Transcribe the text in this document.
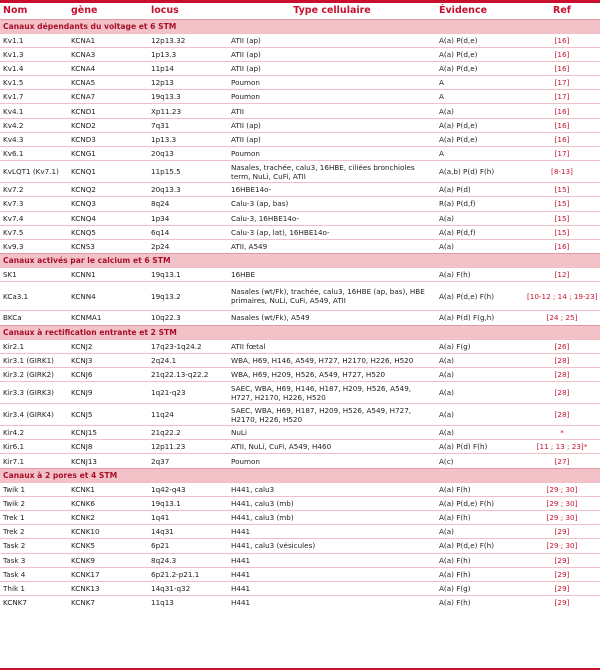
Nom	gène	locus	Type cellulaire	Évidence	Ref
Canaux dépendants du voltage et 6 STM					
Kv1.1	KCNA1	12p13.32	ATII (ap)	A(a) P(d,e)	[16]
Kv1.3	KCNA3	1p13.3	ATII (ap)	A(a) P(d,e)	[16]
Kv1.4	KCNA4	11p14	ATII (ap)	A(a) P(d,e)	[16]
Kv1.5	KCNA5	12p13	Poumon	A	[17]
Kv1.7	KCNA7	19q13.3	Poumon	A	[17]
Kv4.1	KCND1	Xp11.23	ATII	A(a)	[16]
Kv4.2	KCND2	7q31	ATII (ap)	A(a) P(d,e)	[16]
Kv4.3	KCND3	1p13.3	ATII (ap)	A(a) P(d,e)	[16]
Kv6.1	KCNG1	20q13	Poumon	A	[17]
KvLQT1 (Kv7.1)	KCNQ1	11p15.5	Nasales, trachée, calu3, 16HBE, ciliées bronchioles term, NuLi, CuFi, ATII	A(a,b) P(d) F(h)	[8-13]
Kv7.2	KCNQ2	20q13.3	16HBE14o-	A(a) P(d)	[15]
Kv7.3	KCNQ3	8q24	Calu-3 (ap, bas)	R(a) P(d,f)	[15]
Kv7.4	KCNQ4	1p34	Calu-3, 16HBE14o-	A(a)	[15]
Kv7.5	KCNQ5	6q14	Calu-3 (ap, lat), 16HBE14o-	A(a) P(d,f)	[15]
Kv9.3	KCNS3	2p24	ATII, A549	A(a)	[16]
Canaux activés par le calcium et 6 STM					
SK1	KCNN1	19q13.1	16HBE	A(a) F(h)	[12]
KCa3.1	KCNN4	19q13.2	Nasales (wt/Fk), trachée, calu3, 16HBE (ap, bas), HBE primaires, NuLi, CuFi, A549, ATII	A(a) P(d,e) F(h)	[10-12 ; 14 ; 19-23]
BKCa	KCNMA1	10q22.3	Nasales (wt/Fk), A549	A(a) P(d) F(g,h)	[24 ; 25]
Canaux à rectification entrante et 2 STM					
Kir2.1	KCNJ2	17q23-1q24.2	ATII fœtal	A(a) F(g)	[26]
Kir3.1 (GIRK1)	KCNJ3	2q24.1	WBA, H69, H146, A549, H727, H2170, H226, H520	A(a)	[28]
Kir3.2 (GIRK2)	KCNJ6	21q22.13-q22.2	WBA, H69, H209, H526, A549, H727, H520	A(a)	[28]
Kir3.3 (GIRK3)	KCNJ9	1q21-q23	SAEC, WBA, H69, H146, H187, H209, H526, A549, H727, H2170, H226, H520	A(a)	[28]
Kir3.4 (GIRK4)	KCNJ5	11q24	SAEC, WBA, H69, H187, H209, H526, A549, H727, H2170, H226, H520	A(a)	[28]
Kir4.2	KCNJ15	21q22.2	NuLi	A(a)	*
Kir6.1	KCNJ8	12p11.23	ATII, NuLi, CuFi, A549, H460	A(a) P(d) F(h)	[11 ; 13 ; 23]*
Kir7.1	KCNJ13	2q37	Poumon	A(c)	[27]
Canaux à 2 pores et 4 STM					
Twik 1	KCNK1	1q42-q43	H441, calu3	A(a) F(h)	[29 ; 30]
Twik 2	KCNK6	19q13.1	H441, calu3 (mb)	A(a) P(d,e) F(h)	[29 ; 30]
Trek 1	KCNK2	1q41	H441, calu3 (mb)	A(a) F(h)	[29 ; 30]
Trek 2	KCNK10	14q31	H441	A(a)	[29]
Task 2	KCNK5	6p21	H441, calu3 (vésicules)	A(a) P(d,e) F(h)	[29 ; 30]
Task 3	KCNK9	8q24.3	H441	A(a) F(h)	[29]
Task 4	KCNK17	6p21.2-p21.1	H441	A(a) F(h)	[29]
Thik 1	KCNK13	14q31-q32	H441	A(a) F(g)	[29]
KCNK7	KCNK7	11q13	H441	A(a) F(h)	[29]
